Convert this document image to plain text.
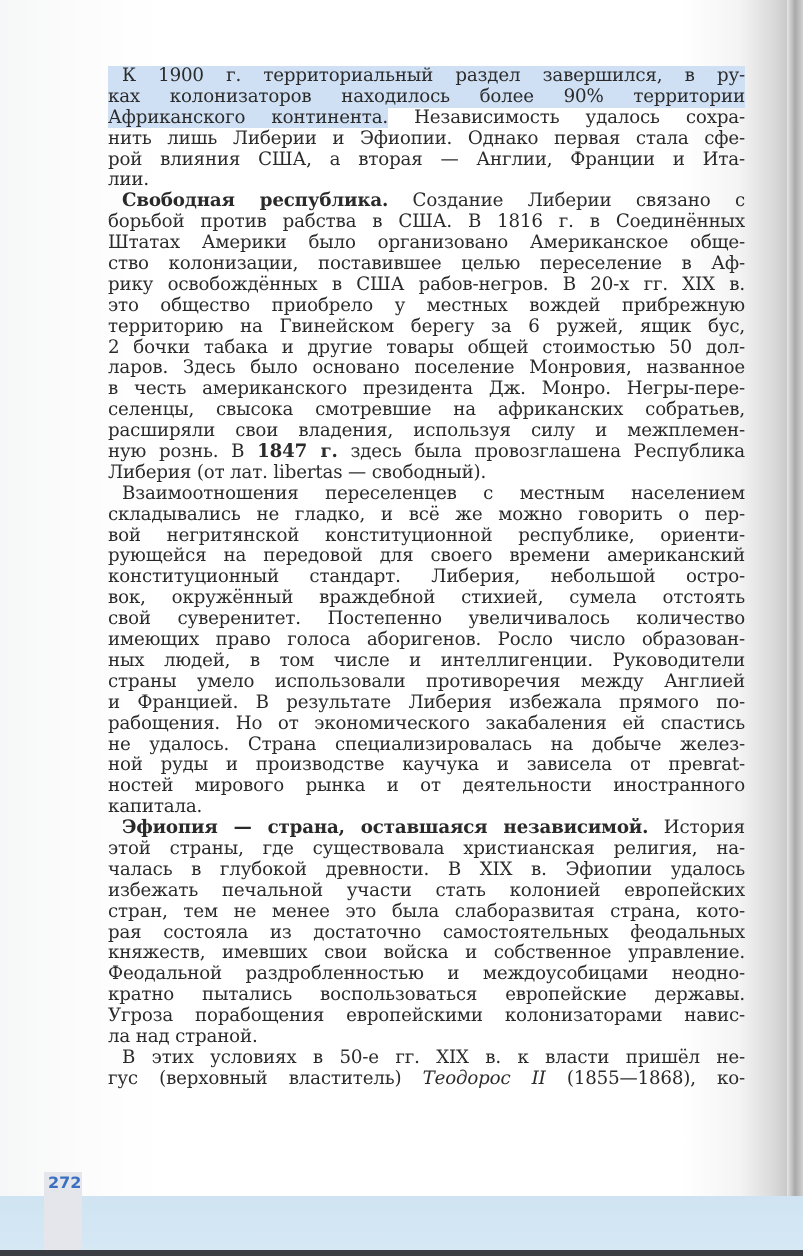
К 1900 г. территориальный раздел завершился, в ру-
ках колонизаторов находилось более 90% территории
Африканского континента. Независимость удалось сохра-
нить лишь Либерии и Эфиопии. Однако первая стала сфе-
рой влияния США, а вторая — Англии, Франции и Ита-
лии.
Свободная республика. Создание Либерии связано с
борьбой против рабства в США. В 1816 г. в Соединённых
Штатах Америки было организовано Американское обще-
ство колонизации, поставившее целью переселение в Аф-
рику освобождённых в США рабов-негров. В 20-х гг. XIX в.
это общество приобрело у местных вождей прибрежную
территорию на Гвинейском берегу за 6 ружей, ящик бус,
2 бочки табака и другие товары общей стоимостью 50 дол-
ларов. Здесь было основано поселение Монровия, названное
в честь американского президента Дж. Монро. Негры-пере-
селенцы, свысока смотревшие на африканских собратьев,
расширяли свои владения, используя силу и межплемен-
ную рознь. В 1847 г. здесь была провозглашена Республика
Либерия (от лат. libertas — свободный).
Взаимоотношения переселенцев с местным населением
складывались не гладко, и всё же можно говорить о пер-
вой негритянской конституционной республике, ориенти-
рующейся на передовой для своего времени американский
конституционный стандарт. Либерия, небольшой остро-
вок, окружённый враждебной стихией, сумела отстоять
свой суверенитет. Постепенно увеличивалось количество
имеющих право голоса аборигенов. Росло число образован-
ных людей, в том числе и интеллигенции. Руководители
страны умело использовали противоречия между Англией
и Францией. В результате Либерия избежала прямого по-
рабощения. Но от экономического закабаления ей спастись
не удалось. Страна специализировалась на добыче желез-
ной руды и производстве каучука и зависела от превrat-
ностей мирового рынка и от деятельности иностранного
капитала.
Эфиопия — страна, оставшаяся независимой. История
этой страны, где существовала христианская религия, на-
чалась в глубокой древности. В XIX в. Эфиопии удалось
избежать печальной участи стать колонией европейских
стран, тем не менее это была слаборазвитая страна, кото-
рая состояла из достаточно самостоятельных феодальных
княжеств, имевших свои войска и собственное управление.
Феодальной раздробленностью и междоусобицами неодно-
кратно пытались воспользоваться европейские державы.
Угроза порабощения европейскими колонизаторами навис-
ла над страной.
В этих условиях в 50-е гг. XIX в. к власти пришёл не-
гус (верховный властитель) Теодорос II (1855—1868), ко-
272
